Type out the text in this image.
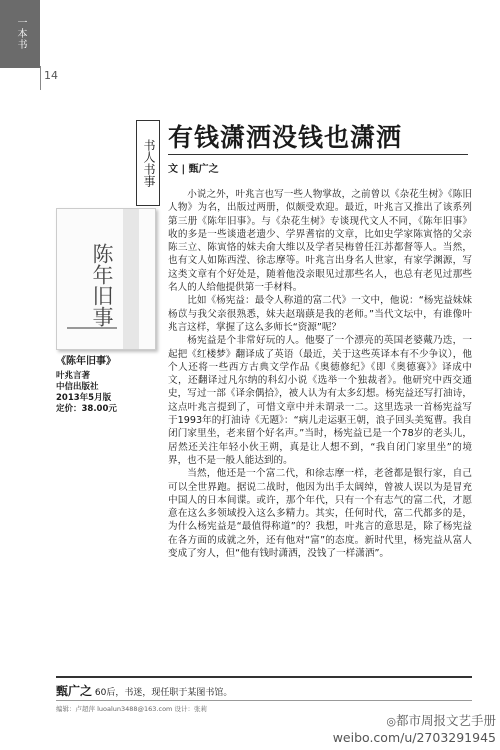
一本书
14
书人书事
有钱潇洒没钱也潇洒
文 | 甄广之
陈年旧事
《陈年旧事》
叶兆言著
中信出版社
2013年5月版
定价：38.00元

小说之外，叶兆言也写一些人物掌故，之前曾以《杂花生树》《陈旧人物》为名，出版过两册，似颇受欢迎。最近，叶兆言又推出了该系列第三册《陈年旧事》。与《杂花生树》专谈现代文人不同，《陈年旧事》收的多是一些谈遗老遗少、学界耆宿的文章，比如史学家陈寅恪的父亲陈三立、陈寅恪的妹夫俞大维以及学者吴梅曾任江苏都督等人。当然，也有文人如陈西滢、徐志摩等。叶兆言出身名人世家，有家学渊源，写这类文章有个好处是，随着他没亲眼见过那些名人，也总有老见过那些名人的人给他提供第一手材料。

比如《杨宪益：最令人称道的富二代》一文中，他说：“杨宪益妹妹杨苡与我父亲很熟悉，妹夫赵瑞蕻是我的老师。”当代文坛中，有谁像叶兆言这样，掌握了这么多师长“资源”呢？

杨宪益是个非常好玩的人。他娶了一个漂亮的英国老婆戴乃迭，一起把《红楼梦》翻译成了英语（最近，关于这些英译本有不少争议），他个人还将一些西方古典文学作品《奥德修纪》《即《奥德赛》》译成中文，还翻译过凡尔纳的科幻小说《选举一个独裁者》。他研究中西交通史，写过一部《译余偶拾》，被人认为有太多幻想。杨宪益还写打油诗，这点叶兆言提到了，可惜文章中并未谓录一二。这里选录一首杨宪益写于1993年的打油诗《无题》：“病儿走运驱王朝，浪子回头美冤曹。我自闭门家里坐，老来留个好名声。”当时，杨宪益已是一个78岁的老头儿，居然还关注年轻小伙王朔，真是让人想不到，“我自闭门家里坐”的境界，也不是一般人能达到的。

当然，他还是一个富二代，和徐志摩一样，老爸都是银行家，自己可以全世界跑。据说二战时，他因为出手太阔绰，曾被人误以为是冒充中国人的日本间谍。或许，那个年代，只有一个有志气的富二代，才愿意在这么多领域投入这么多精力。其实，任何时代，富二代都多的是，为什么杨宪益是“最值得称道”的？我想，叶兆言的意思是，除了杨宪益在各方面的成就之外，还有他对“富”的态度。新时代里，杨宪益从富人变成了穷人，但“他有钱时潇洒，没钱了一样潇洒”。

甄广之 60后，书迷，现任职于某图书馆。
编辑：卢超萍 luoalun3488@163.com 设计：张莉
◎都市周报文艺手册
weibo.com/u/2703291945
